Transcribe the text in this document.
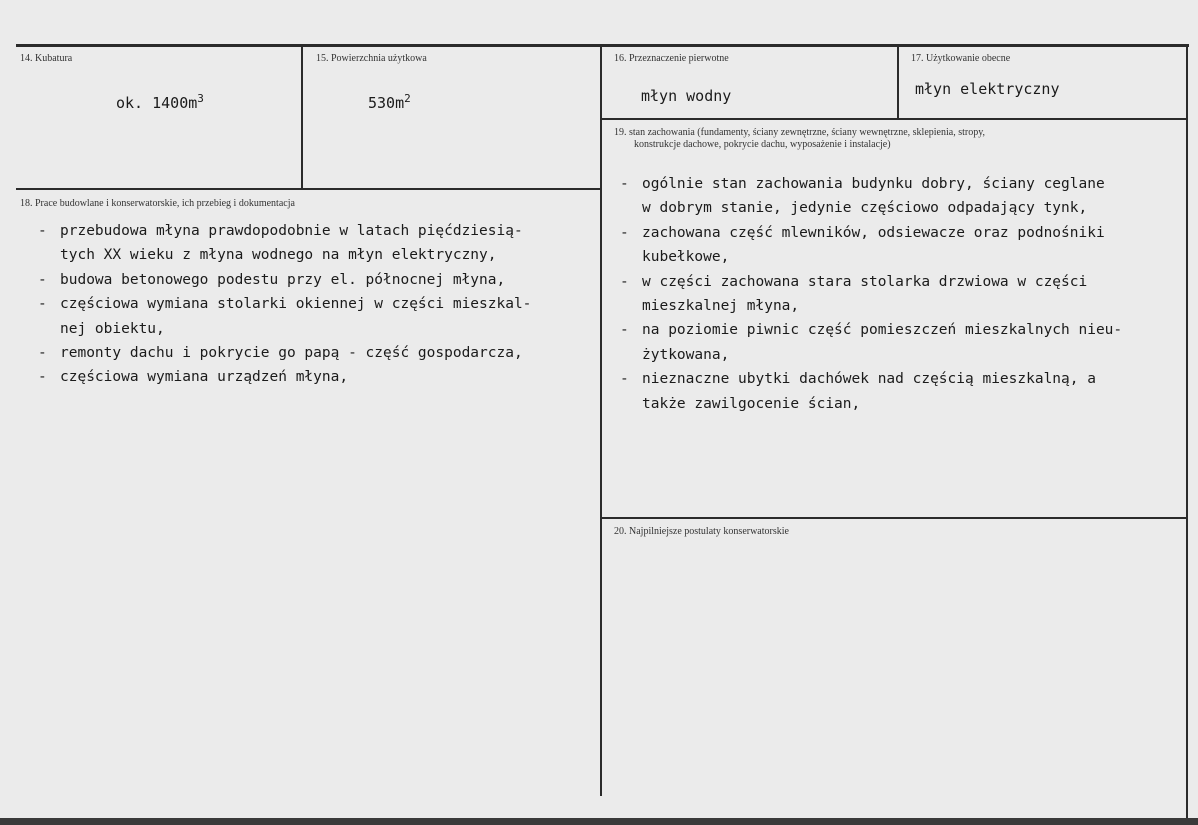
14. Kubatura
ok. $1400m^3$
15. Powierzchnia użytkowa
$530m^2$
16. Przeznaczenie pierwotne
młyn wodny
17. Użytkowanie obecne
młyn elektryczny
18. Prace budowlane i konserwatorskie, ich przebieg i dokumentacja
- przebudowa młyna prawdopodobnie w latach pięćdziesią-
tych XX wieku z młyna wodnego na młyn elektryczny,
- budowa betonowego podestu przy el. północnej młyna,
- częściowa wymiana stolarki okiennej w części mieszkal-
nej obiektu,
- remonty dachu i pokrycie go papą - część gospodarcza,
- częściowa wymiana urządzeń młyna,
19. stan zachowania (fundamenty, ściany zewnętrzne, ściany wewnętrzne, sklepienia, stropy,
konstrukcje dachowe, pokrycie dachu, wyposażenie i instalacje)
- ogólnie stan zachowania budynku dobry, ściany ceglane
w dobrym stanie, jedynie częściowo odpadający tynk,
- zachowana część mlewników, odsiewacze oraz podnośniki
kubełkowe,
- w części zachowana stara stolarka drzwiowa w części
mieszkalnej młyna,
- na poziomie piwnic część pomieszczeń mieszkalnych nieu-
żytkowana,
- nieznaczne ubytki dachówek nad częścią mieszkalną, a
także zawilgocenie ścian,
20. Najpilniejsze postulaty konserwatorskie
